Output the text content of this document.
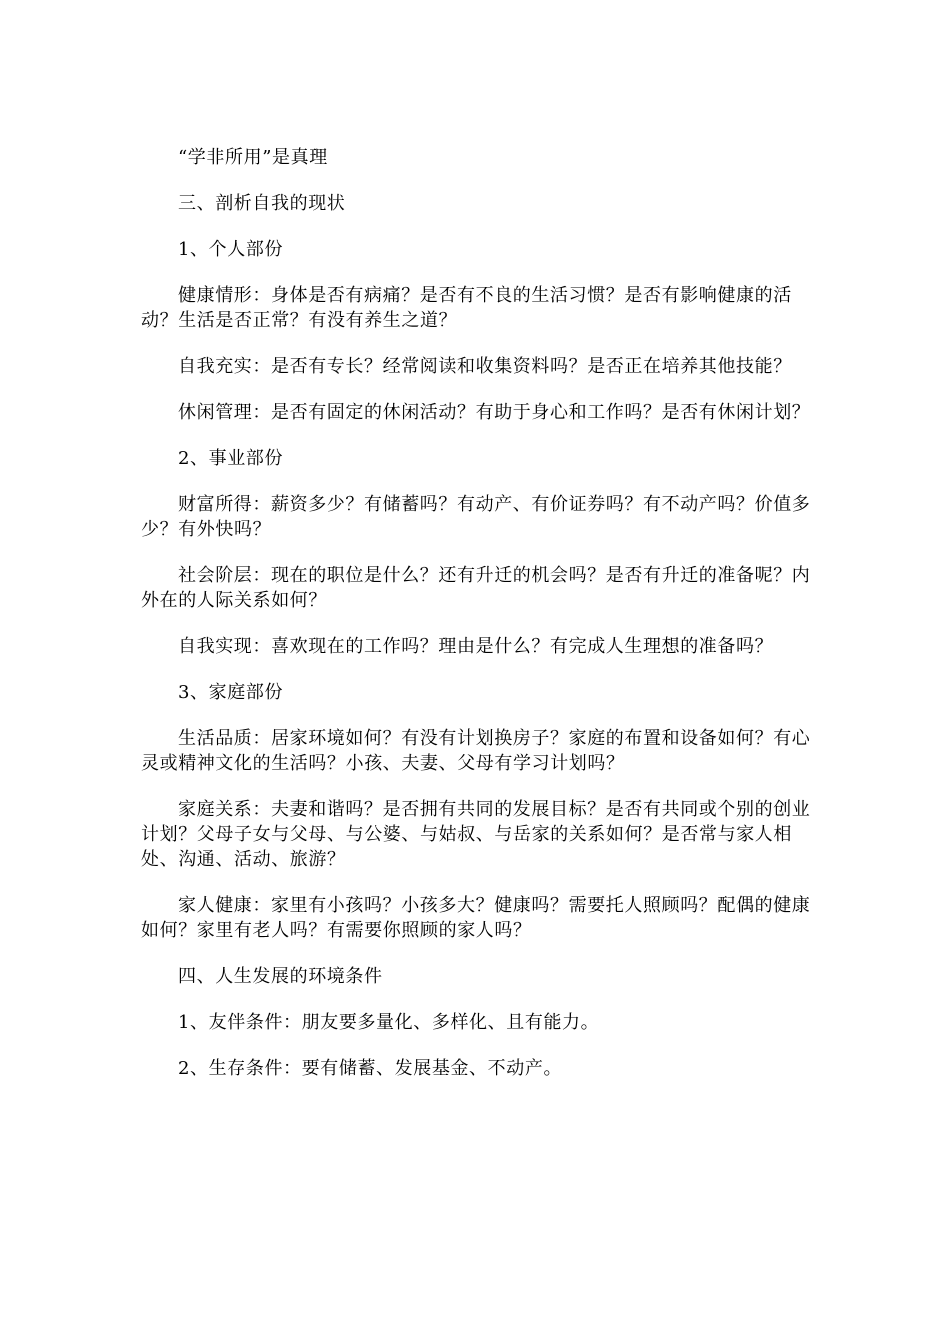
“学非所用”是真理

三、剖析自我的现状

1、个人部份

健康情形：身体是否有病痛？是否有不良的生活习惯？是否有影响健康的活动？生活是否正常？有没有养生之道？

自我充实：是否有专长？经常阅读和收集资料吗？是否正在培养其他技能？

休闲管理：是否有固定的休闲活动？有助于身心和工作吗？是否有休闲计划？

2、事业部份

财富所得：薪资多少？有储蓄吗？有动产、有价证券吗？有不动产吗？价值多少？有外快吗？

社会阶层：现在的职位是什么？还有升迁的机会吗？是否有升迁的准备呢？内外在的人际关系如何？

自我实现：喜欢现在的工作吗？理由是什么？有完成人生理想的准备吗？

3、家庭部份

生活品质：居家环境如何？有没有计划换房子？家庭的布置和设备如何？有心灵或精神文化的生活吗？小孩、夫妻、父母有学习计划吗？

家庭关系：夫妻和谐吗？是否拥有共同的发展目标？是否有共同或个别的创业计划？父母子女与父母、与公婆、与姑叔、与岳家的关系如何？是否常与家人相处、沟通、活动、旅游？

家人健康：家里有小孩吗？小孩多大？健康吗？需要托人照顾吗？配偶的健康如何？家里有老人吗？有需要你照顾的家人吗？

四、人生发展的环境条件

1、友伴条件：朋友要多量化、多样化、且有能力。

2、生存条件：要有储蓄、发展基金、不动产。
